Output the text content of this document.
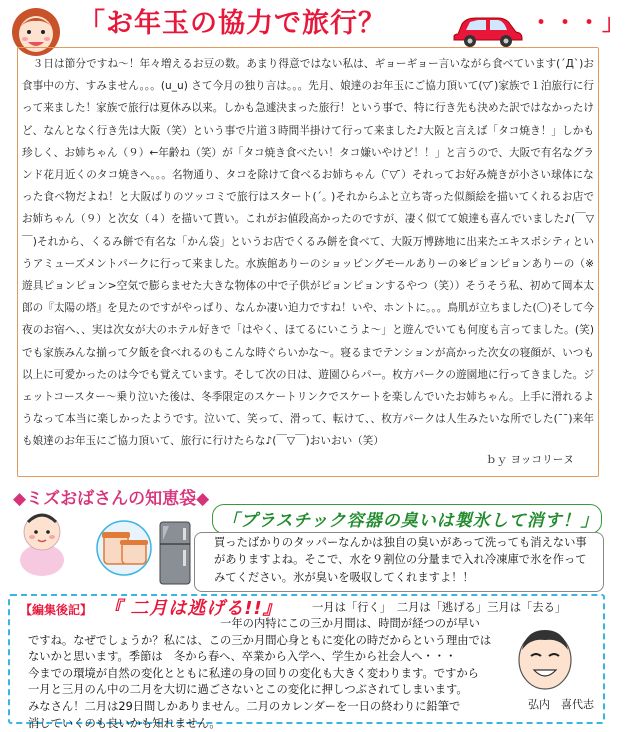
「お年玉の協力で旅行？	・・・」
　３日は節分ですね～！年々増えるお豆の数。あまり得意ではない私は、ギョーギョー言いながら食べています(´Д`)お食事中の方、すみません。。。(u_u) さて今月の独り言は。。。先月、娘達のお年玉にご協力頂いて(▽ ̄)家族で１泊旅行に行って来ました！家族で旅行は夏休み以来。しかも急遽決まった旅行！という事で、特に行き先も決めた訳ではなかったけど、なんとなく行き先は大阪（笑）という事で片道３時間半掛けて行って来ました♪大阪と言えば「タコ焼き！」しかも珍しく、お姉ちゃん（９）←年齢ね（笑）が「タコ焼き食べたい！タコ嫌いやけど！！」と言うので、大阪で有名なグランド花月近くのタコ焼きへ。。。名物通り、タコを除けて食べるお姉ちゃん（ ̄▽ ̄）それってお好み焼きが小さい球体になった食べ物だよね！と大阪ばりのツッコミで旅行はスタート(´｡ )それからふと立ち寄った似顔絵を描いてくれるお店でお姉ちゃん（９）と次女（４）を描いて貰い。これがお値段高かったのですが、凄く似てて娘達も喜んでいました♪(￣▽￣)それから、くるみ餅で有名な「かん袋」というお店でくるみ餅を食べて、大阪万博跡地に出来たエキスポシティというアミューズメントパークに行って来ました。水族館ありーのショッピングモールありーの※ピョンピョンありーの（※遊具ピョンピョン>空気で膨らませた大きな物体の中で子供がピョンピョンするやつ（笑））そうそう私、初めて岡本太郎の『太陽の塔』を見たのですがやっぱり、なんか凄い迫力ですね！いや、ホントに。。。鳥肌が立ちました(〇)そして今夜のお宿へ、、実は次女が大のホテル好きで「はやく、ほてるにいこうよ～」と遊んでいても何度も言ってました。(笑) でも家族みんな揃って夕飯を食べれるのもこんな時ぐらいかな～。寝るまでテンションが高かった次女の寝顔が、いつも以上に可愛かったのは今でも覚えています。そして次の日は、遊園ひらパー。枚方パークの遊園地に行ってきました。ジェットコースター～乗り泣いた後は、冬季限定のスケートリンクでスケートを楽しんでいたお姉ちゃん。上手に滑れるようなって本当に楽しかったようです。泣いて、笑って、滑って、転けて、、枚方パークは人生みたいな所でした(¯¯)来年も娘達のお年玉にご協力頂いて、旅行に行けたらな♪(￣▽￣)おいおい（笑）
ｂｙ ヨッコリーヌ
◆ミズおばさんの知恵袋◆
「プラスチック容器の臭いは製氷して消す！」
買ったばかりのタッパーなんかは独自の臭いがあって洗っても消えない事がありますよね。そこで、水を９割位の分量まで入れ冷凍庫で氷を作ってみてください。氷が臭いを吸収してくれますよ！！
【編集後記】 『 二月は逃げる!!』	一月は「行く」　二月は「逃げる」三月は「去る」
　　　　　　　　　　　　　　　　　一年の内特にこの三か月間は、時間が経つのが早い
ですね。なぜでしょうか？私には、この三か月間心身ともに変化の時だからという理由では
ないかと思います。季節は　冬から春へ、卒業から入学へ、学生から社会人へ・・・
今までの環境が自然の変化とともに私達の身の回りの変化も大きく変わります。ですから
一月と三月のん中の二月を大切に過ごさないとこの変化に押しつぶされてしまいます。
みなさん！二月は29日間しかありません。二月のカレンダーを一日の終わりに鉛筆で
消していくのも良いかも知れません。
弘内　喜代志
